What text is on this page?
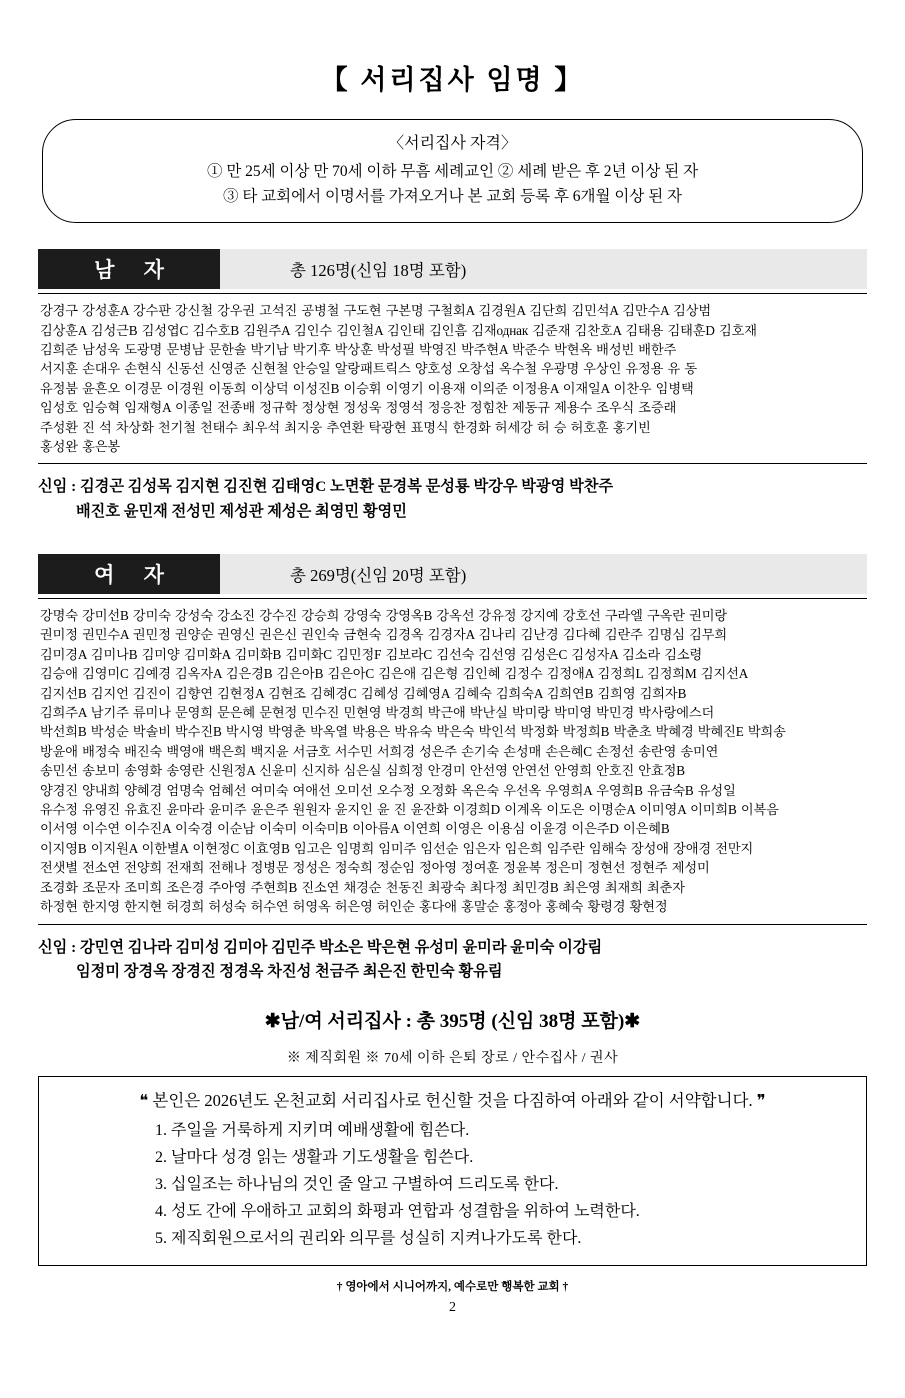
【 서리집사 임명 】
〈서리집사 자격〉
① 만 25세 이상 만 70세 이하 무흠 세례교인 ② 세례 받은 후 2년 이상 된 자
③ 타 교회에서 이명서를 가져오거나 본 교회 등록 후 6개월 이상 된 자
남 자	총 126명(신임 18명 포함)
강경구 강성훈A 강수판 강신철 강우권 고석진 공병철 구도현 구본명 구철회A 김경원A 김단희 김민석A 김만수A 김상범
김상훈A 김성근B 김성엽C 김수호B 김원주A 김인수 김인철A 김인태 김인흠 김재однак 김준재 김찬호A 김태용 김태훈D 김호재
김희준 남성욱 도광명 문병남 문한솔 박기남 박기후 박상훈 박성필 박영진 박주현A 박준수 박현옥 배성빈 배한주
서지훈 손대우 손현식 신동선 신영준 신현철 안승일 알랑패트릭스 양호성 오창섭 옥수철 우광명 우상인 유정용 유 동
유정붐 윤흔오 이경문 이경원 이동희 이상덕 이성진B 이승휘 이영기 이용재 이의준 이정용A 이재일A 이찬우 임병택
임성호 임승혁 임재형A 이종일 전종배 정규학 정상현 정성욱 정영석 정응찬 정힘찬 제동규 제용수 조우식 조증래
주성환 진 석 차상화 천기철 천태수 최우석 최지웅 추연환 탁광현 표명식 한경화 허세강 허 승 허호훈 홍기빈
홍성완 홍은봉
신임 : 김경곤 김성목 김지현 김진현 김태영C 노면환 문경복 문성룡 박강우 박광영 박찬주
배진호 윤민재 전성민 제성관 제성은 최영민 황영민
여 자	총 269명(신임 20명 포함)
강명숙 강미선B 강미숙 강성숙 강소진 강수진 강승희 강영숙 강영옥B 강옥선 강유정 강지예 강호선 구라엘 구옥란 권미랑
권미정 권민수A 권민정 권양순 권영신 권은신 권인숙 금현숙 김경옥 김경자A 김나리 김난경 김다혜 김란주 김명심 김무희
김미경A 김미나B 김미양 김미화A 김미화B 김미화C 김민정F 김보라C 김선숙 김선영 김성은C 김성자A 김소라 김소령
김승애 김영미C 김예경 김옥자A 김은경B 김은아B 김은아C 김은애 김은형 김인혜 김정수 김정애A 김정희L 김정희M 김지선A
김지선B 김지언 김진이 김향연 김현정A 김현조 김혜경C 김혜성 김혜영A 김혜숙 김희숙A 김희연B 김희영 김희자B
김희주A 남기주 류미나 문영희 문은혜 문현정 민수진 민현영 박경희 박근애 박난실 박미랑 박미영 박민경 박사랑에스더
박선희B 박성순 박솔비 박수진B 박시영 박영춘 박옥열 박용은 박유숙 박은숙 박인석 박정화 박정희B 박춘초 박혜경 박혜진E 박희송
방윤애 배정숙 배진숙 백영애 백은희 백지윤 서금호 서수민 서희경 성은주 손기숙 손성매 손은혜C 손정선 송란영 송미연
송민선 송보미 송영화 송영란 신원정A 신윤미 신지하 심은실 심희정 안경미 안선영 안연선 안영희 안호진 안효정B
양경진 양내희 양혜경 엄명숙 엄혜선 여미숙 여애선 오미선 오수정 오정화 옥은숙 우선옥 우영희A 우영희B 유금숙B 유성일
유수정 유영진 유효진 윤마라 윤미주 윤은주 원원자 윤지인 윤 진 윤잔화 이경희D 이계옥 이도은 이명순A 이미영A 이미희B 이복음
이서영 이수연 이수진A 이숙경 이순남 이숙미 이숙미B 이아름A 이연희 이영은 이용심 이윤경 이은주D 이은혜B
이지영B 이지원A 이한별A 이현정C 이효영B 임고은 임명희 임미주 임선순 임은자 임은희 임주란 임해숙 장성애 장애경 전만지
전샛별 전소연 전양희 전재희 전해나 정병문 정성은 정숙희 정순임 정아영 정여훈 정윤복 정은미 정현선 정현주 제성미
조경화 조문자 조미희 조은경 주아영 주현희B 진소연 채경순 천동진 최광숙 최다정 최민경B 최은영 최재희 최춘자
하정현 한지영 한지현 허경희 허성숙 허수연 허영옥 허은영 허인순 홍다애 홍말순 홍정아 홍혜숙 황령경 황현정
신임 : 강민연 김나라 김미성 김미아 김민주 박소은 박은현 유성미 윤미라 윤미숙 이강림
임정미 장경옥 장경진 정경옥 차진성 천금주 최은진 한민숙 황유림
✱남/여 서리집사 : 총 395명 (신임 38명 포함)✱
※ 제직회원 ※ 70세 이하 은퇴 장로 / 안수집사 / 권사
❝ 본인은 2026년도 온천교회 서리집사로 헌신할 것을 다짐하여 아래와 같이 서약합니다. ❞
1. 주일을 거룩하게 지키며 예배생활에 힘쓴다.
2. 날마다 성경 읽는 생활과 기도생활을 힘쓴다.
3. 십일조는 하나님의 것인 줄 알고 구별하여 드리도록 한다.
4. 성도 간에 우애하고 교회의 화평과 연합과 성결함을 위하여 노력한다.
5. 제직회원으로서의 권리와 의무를 성실히 지켜나가도록 한다.
† 영아에서 시니어까지, 예수로만 행복한 교회 †
2
